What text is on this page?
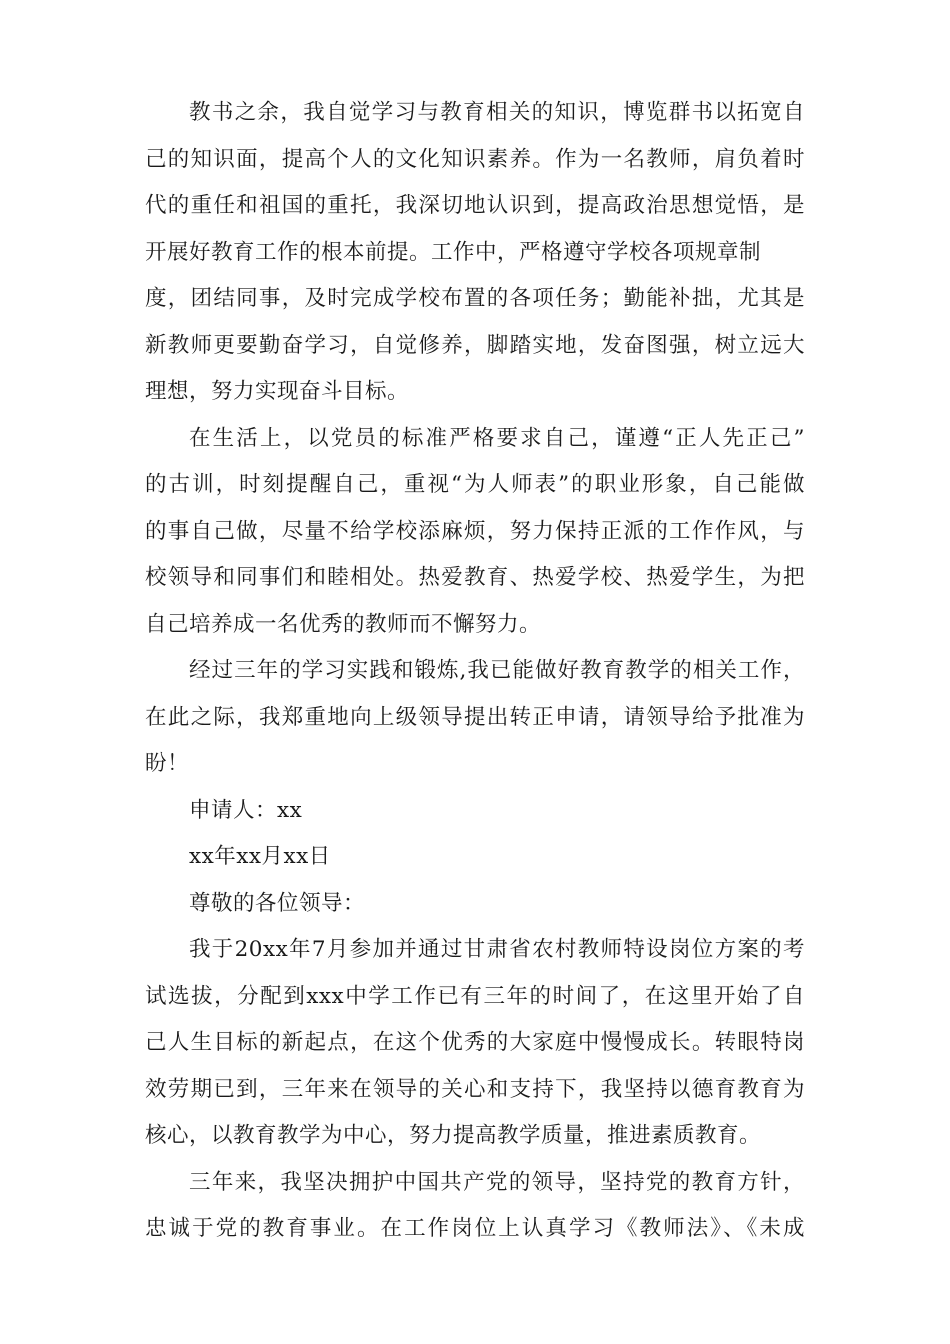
教书之余，我自觉学习与教育相关的知识，博览群书以拓宽自
己的知识面，提高个人的文化知识素养。作为一名教师，肩负着时
代的重任和祖国的重托，我深切地认识到，提高政治思想觉悟，是
开展好教育工作的根本前提。工作中，严格遵守学校各项规章制
度，团结同事，及时完成学校布置的各项任务；勤能补拙，尤其是
新教师更要勤奋学习，自觉修养，脚踏实地，发奋图强，树立远大
理想，努力实现奋斗目标。
在生活上，以党员的标准严格要求自己，谨遵“正人先正己”
的古训，时刻提醒自己，重视“为人师表”的职业形象，自己能做
的事自己做，尽量不给学校添麻烦，努力保持正派的工作作风，与
校领导和同事们和睦相处。热爱教育、热爱学校、热爱学生，为把
自己培养成一名优秀的教师而不懈努力。
经过三年的学习实践和锻炼,我已能做好教育教学的相关工作，
在此之际，我郑重地向上级领导提出转正申请，请领导给予批准为
盼！
申请人：xx
xx年xx月xx日
尊敬的各位领导：
我于20xx年7月参加并通过甘肃省农村教师特设岗位方案的考
试选拔，分配到xxx中学工作已有三年的时间了，在这里开始了自
己人生目标的新起点，在这个优秀的大家庭中慢慢成长。转眼特岗
效劳期已到，三年来在领导的关心和支持下，我坚持以德育教育为
核心，以教育教学为中心，努力提高教学质量，推进素质教育。
三年来，我坚决拥护中国共产党的领导，坚持党的教育方针，
忠诚于党的教育事业。在工作岗位上认真学习《教师法》、《未成
